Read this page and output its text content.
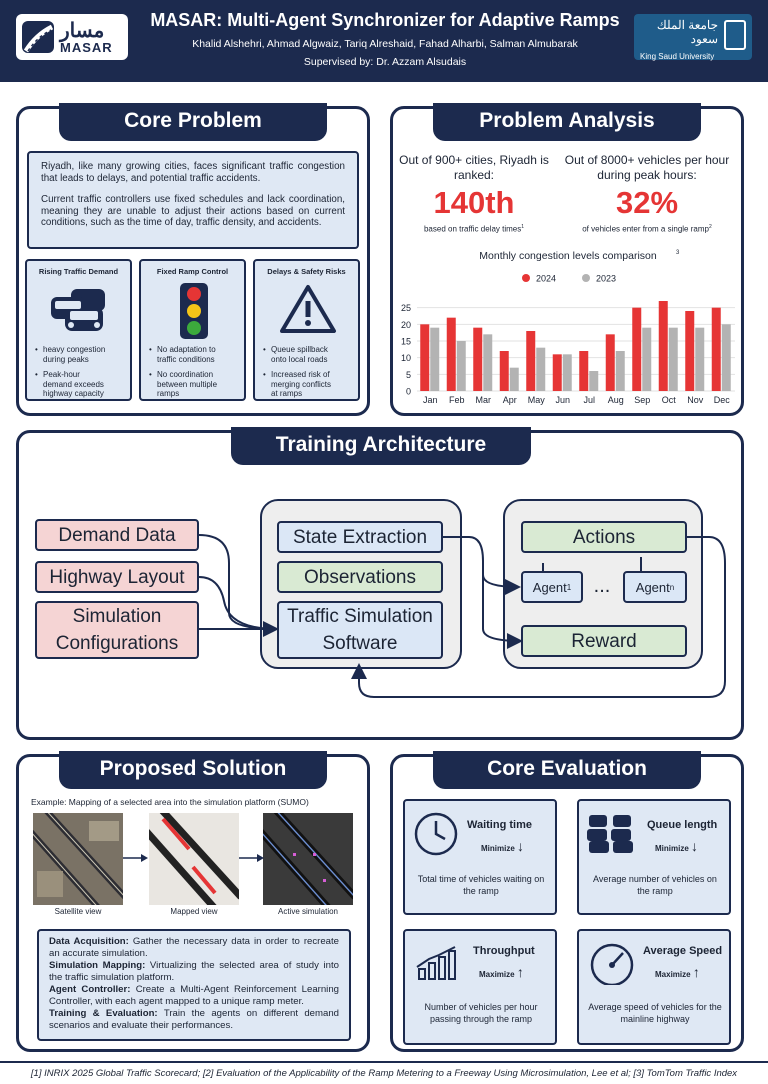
مسار
MASAR
MASAR: Multi-Agent Synchronizer for Adaptive Ramps
Khalid Alshehri, Ahmad Algwaiz, Tariq Alreshaid, Fahad Alharbi, Salman Almubarak
Supervised by: Dr. Azzam Alsudais
جامعة الملك سعود
King Saud University
Core Problem

Riyadh, like many growing cities, faces significant traffic congestion that leads to delays, and potential traffic accidents.

Current traffic controllers use fixed schedules and lack coordination, meaning they are unable to adjust their actions based on current conditions, such as the time of day, traffic density, and accidents.

Rising Traffic Demand
• heavy congestion during peaks
• Peak-hour demand exceeds highway capacity
Fixed Ramp Control
• No adaptation to traffic conditions
• No coordination between multiple ramps
Delays & Safety Risks
• Queue spillback onto local roads
• Increased risk of merging conflicts at ramps
Problem Analysis
Out of 900+ cities, Riyadh is ranked:
140th
based on traffic delay times$^1$
Out of 8000+ vehicles per hour during peak hours:
32%
of vehicles enter from a single ramp$^2$
Monthly congestion levels comparison	3
2024	2023
0
5
10
15
20
25
Jan Feb Mar Apr May Jun Jul Aug Sep Oct Nov Dec
Training Architecture
Demand Data
Highway Layout
Simulation Configurations
State Extraction
Observations
Traffic Simulation Software
Actions
Agent 1 ...	Agent n
Reward
Proposed Solution
Example: Mapping of a selected area into the simulation platform (SUMO)
Satellite view	Mapped view	Active simulation

Data Acquisition: Gather the necessary data in order to recreate an accurate simulation.

Simulation Mapping: Virtualizing the selected area of study into the traffic simulation platform.

Agent Controller: Create a Multi-Agent Reinforcement Learning Controller, with each agent mapped to a unique ramp meter.

Training & Evaluation: Train the agents on different demand scenarios and evaluate their performances.

Core Evaluation
Waiting time
Minimize ↓
Total time of vehicles waiting on the ramp
Queue length
Minimize ↓
Average number of vehicles on the ramp
Throughput
Maximize ↑
Number of vehicles per hour passing through the ramp
Average Speed
Maximize ↑
Average speed of vehicles for the mainline highway
[1] INRIX 2025 Global Traffic Scorecard; [2] Evaluation of the Applicability of the Ramp Metering to a Freeway Using Microsimulation, Lee et al; [3] TomTom Traffic Index
